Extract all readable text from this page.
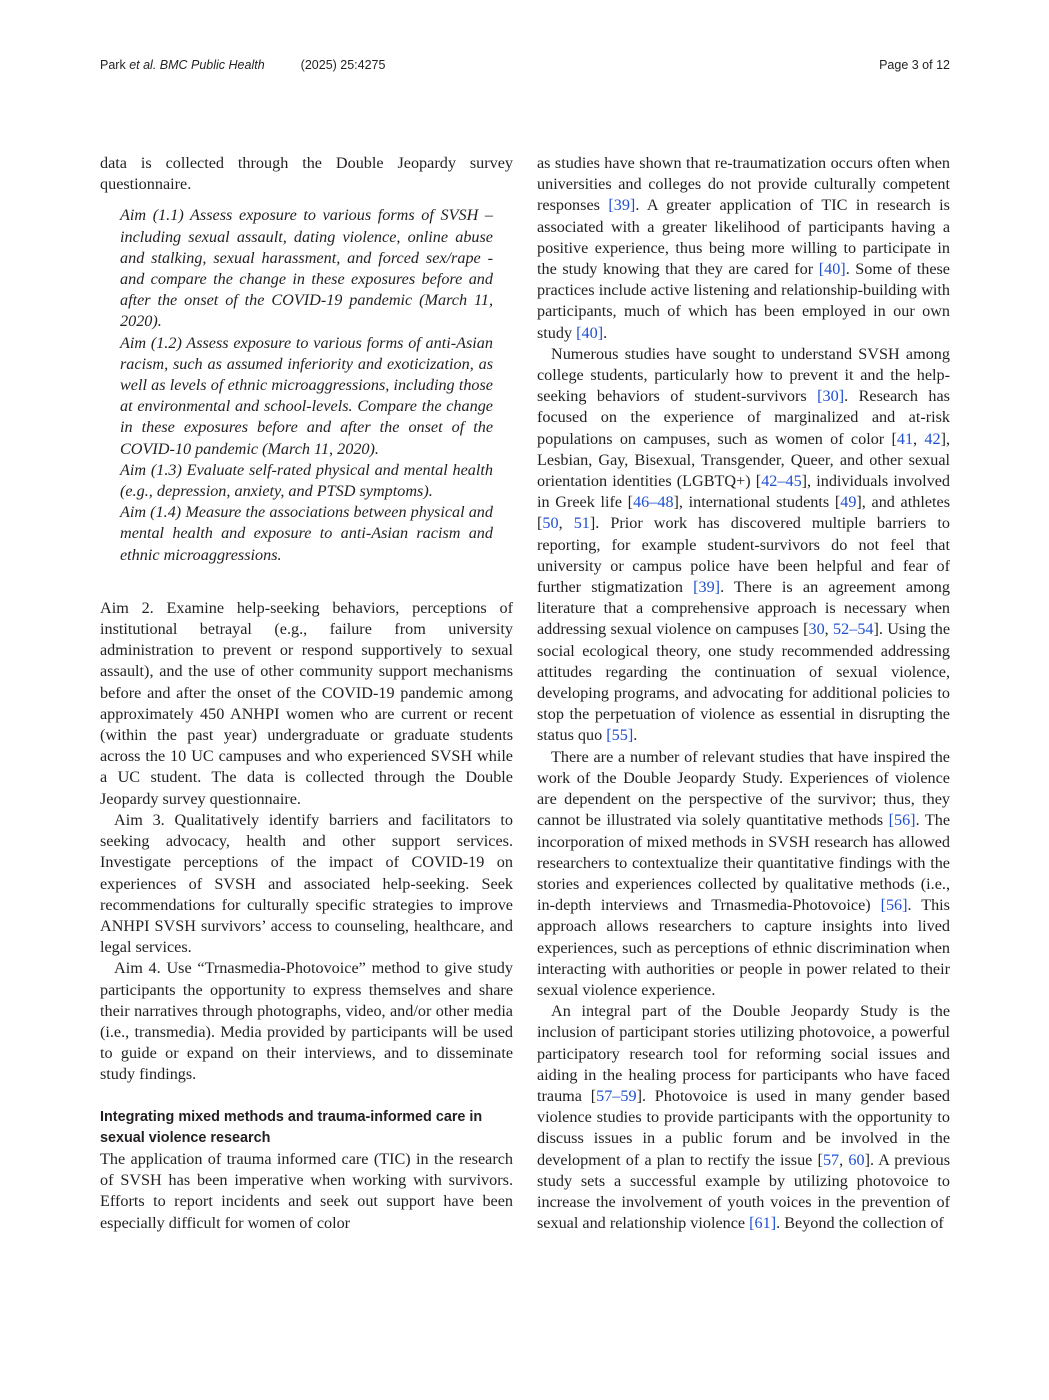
Park et al. BMC Public Health	(2025) 25:4275	Page 3 of 12

data is collected through the Double Jeopardy survey questionnaire.

Aim (1.1) Assess exposure to various forms of SVSH – including sexual assault, dating violence, online abuse and stalking, sexual harassment, and forced sex/rape - and compare the change in these exposures before and after the onset of the COVID-19 pandemic (March 11, 2020).

Aim (1.2) Assess exposure to various forms of anti-Asian racism, such as assumed inferiority and exoticization, as well as levels of ethnic microaggressions, including those at environmental and school-levels. Compare the change in these exposures before and after the onset of the COVID-10 pandemic (March 11, 2020).

Aim (1.3) Evaluate self-rated physical and mental health (e.g., depression, anxiety, and PTSD symptoms).

Aim (1.4) Measure the associations between physical and mental health and exposure to anti-Asian racism and ethnic microaggressions.

Aim 2. Examine help-seeking behaviors, perceptions of institutional betrayal (e.g., failure from university administration to prevent or respond supportively to sexual assault), and the use of other community support mechanisms before and after the onset of the COVID-19 pandemic among approximately 450 ANHPI women who are current or recent (within the past year) undergraduate or graduate students across the 10 UC campuses and who experienced SVSH while a UC student. The data is collected through the Double Jeopardy survey questionnaire.

Aim 3. Qualitatively identify barriers and facilitators to seeking advocacy, health and other support services. Investigate perceptions of the impact of COVID-19 on experiences of SVSH and associated help-seeking. Seek recommendations for culturally specific strategies to improve ANHPI SVSH survivors’ access to counseling, healthcare, and legal services.

Aim 4. Use “Trnasmedia-Photovoice” method to give study participants the opportunity to express themselves and share their narratives through photographs, video, and/or other media (i.e., transmedia). Media provided by participants will be used to guide or expand on their interviews, and to disseminate study findings.

Integrating mixed methods and trauma-informed care in sexual violence research

The application of trauma informed care (TIC) in the research of SVSH has been imperative when working with survivors. Efforts to report incidents and seek out support have been especially difficult for women of color

as studies have shown that re-traumatization occurs often when universities and colleges do not provide culturally competent responses [39]. A greater application of TIC in research is associated with a greater likelihood of participants having a positive experience, thus being more willing to participate in the study knowing that they are cared for [40]. Some of these practices include active listening and relationship-building with participants, much of which has been employed in our own study [40].

Numerous studies have sought to understand SVSH among college students, particularly how to prevent it and the help-seeking behaviors of student-survivors [30]. Research has focused on the experience of marginalized and at-risk populations on campuses, such as women of color [41, 42], Lesbian, Gay, Bisexual, Transgender, Queer, and other sexual orientation identities (LGBTQ+) [42–45], individuals involved in Greek life [46–48], international students [49], and athletes [50, 51]. Prior work has discovered multiple barriers to reporting, for example student-survivors do not feel that university or campus police have been helpful and fear of further stigmatization [39]. There is an agreement among literature that a comprehensive approach is necessary when addressing sexual violence on campuses [30, 52–54]. Using the social ecological theory, one study recommended addressing attitudes regarding the continuation of sexual violence, developing programs, and advocating for additional policies to stop the perpetuation of violence as essential in disrupting the status quo [55].

There are a number of relevant studies that have inspired the work of the Double Jeopardy Study. Experiences of violence are dependent on the perspective of the survivor; thus, they cannot be illustrated via solely quantitative methods [56]. The incorporation of mixed methods in SVSH research has allowed researchers to contextualize their quantitative findings with the stories and experiences collected by qualitative methods (i.e., in-depth interviews and Trnasmedia-Photovoice) [56]. This approach allows researchers to capture insights into lived experiences, such as perceptions of ethnic discrimination when interacting with authorities or people in power related to their sexual violence experience.

An integral part of the Double Jeopardy Study is the inclusion of participant stories utilizing photovoice, a powerful participatory research tool for reforming social issues and aiding in the healing process for participants who have faced trauma [57–59]. Photovoice is used in many gender based violence studies to provide participants with the opportunity to discuss issues in a public forum and be involved in the development of a plan to rectify the issue [57, 60]. A previous study sets a successful example by utilizing photovoice to increase the involvement of youth voices in the prevention of sexual and relationship violence [61]. Beyond the collection of
